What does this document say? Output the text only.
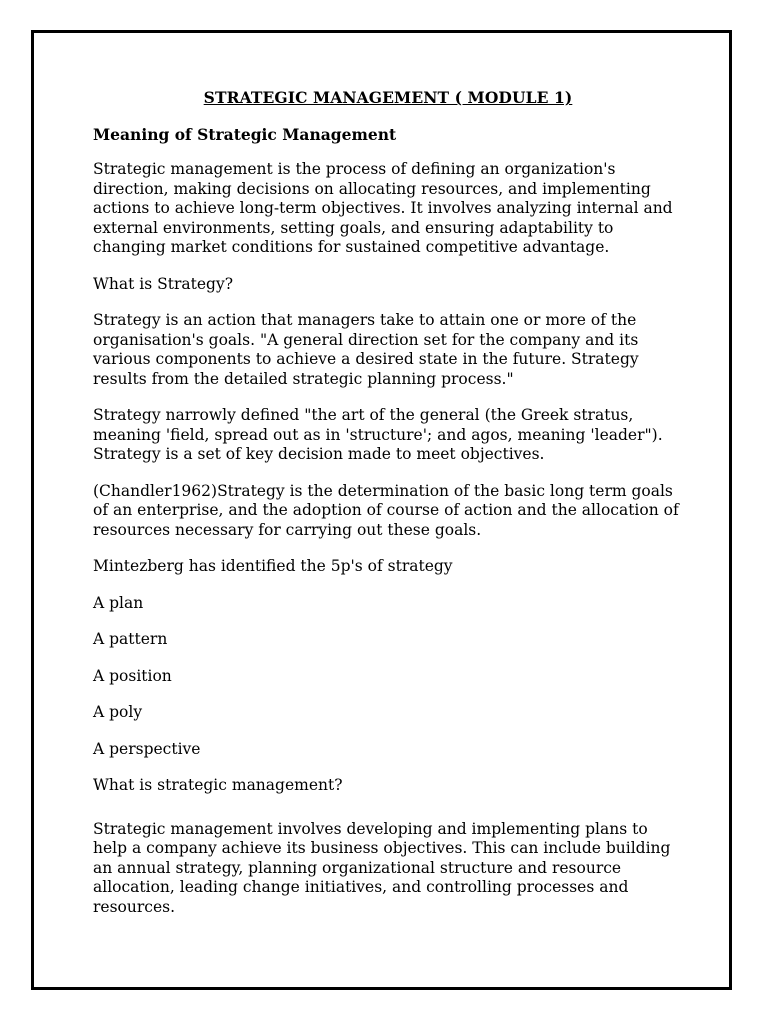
STRATEGIC MANAGEMENT ( MODULE 1)
Meaning of Strategic Management

Strategic management is the process of defining an organization's direction, making decisions on allocating resources, and implementing actions to achieve long-term objectives. It involves analyzing internal and external environments, setting goals, and ensuring adaptability to changing market conditions for sustained competitive advantage.

What is Strategy?

Strategy is an action that managers take to attain one or more of the organisation's goals. "A general direction set for the company and its various components to achieve a desired state in the future. Strategy results from the detailed strategic planning process."

Strategy narrowly defined "the art of the general (the Greek stratus, meaning 'field, spread out as in 'structure'; and agos, meaning 'leader"). Strategy is a set of key decision made to meet objectives.

(Chandler1962)Strategy is the determination of the basic long term goals of an enterprise, and the adoption of course of action and the allocation of resources necessary for carrying out these goals.

Mintezberg has identified the 5p's of strategy

A plan

A pattern

A position

A poly

A perspective

What is strategic management?

Strategic management involves developing and implementing plans to help a company achieve its business objectives. This can include building an annual strategy, planning organizational structure and resource allocation, leading change initiatives, and controlling processes and resources.
